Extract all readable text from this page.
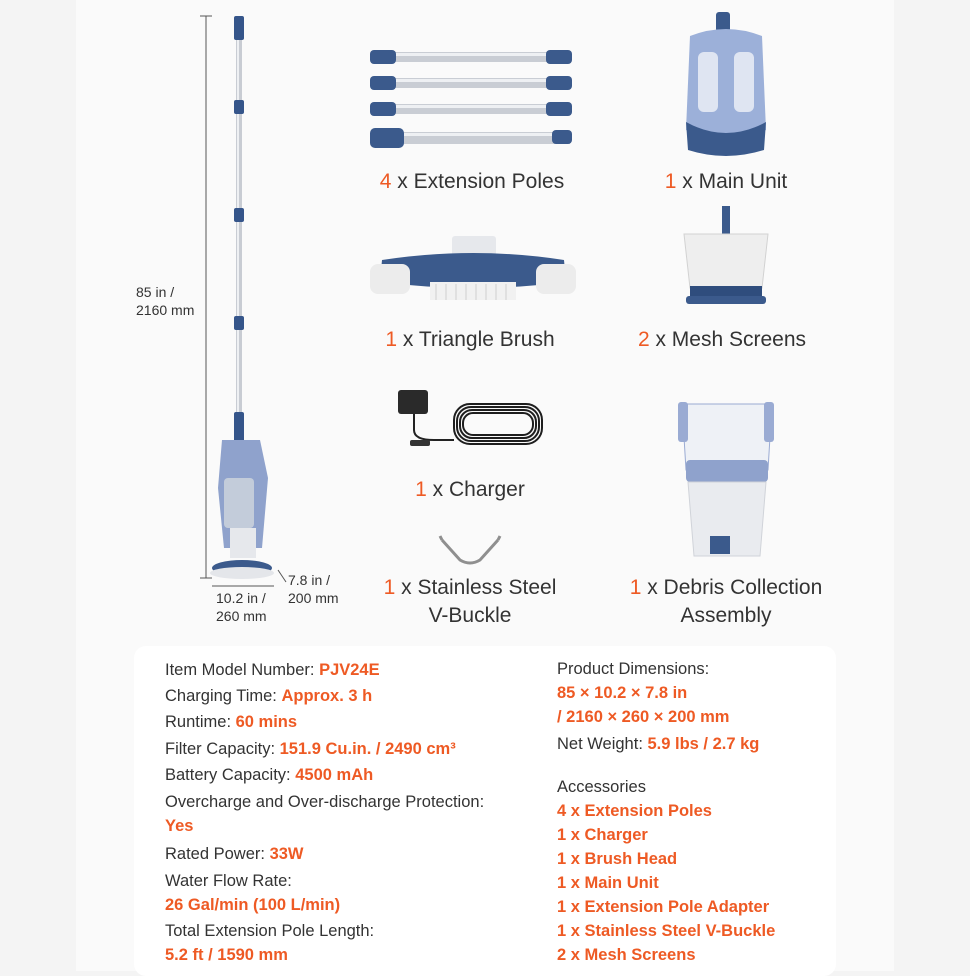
85 in /
2160 mm
10.2 in /
260 mm
7.8 in /
200 mm
4 x Extension Poles	1 x Main Unit
1 x Triangle Brush	2 x Mesh Screens
1 x Charger
1 x Stainless Steel
V-Buckle
1 x Debris Collection
Assembly
Item Model Number: PJV24E
Charging Time: Approx. 3 h
Runtime: 60 mins
Filter Capacity: 151.9 Cu.in. / 2490 cm³
Battery Capacity: 4500 mAh
Overcharge and Over-discharge Protection:
Yes
Rated Power: 33W
Water Flow Rate:
26 Gal/min (100 L/min)
Total Extension Pole Length:
5.2 ft / 1590 mm
Product Dimensions:
85 × 10.2 × 7.8 in
/ 2160 × 260 × 200 mm
Net Weight: 5.9 lbs / 2.7 kg
Accessories
4 x Extension Poles
1 x Charger
1 x Brush Head
1 x Main Unit
1 x Extension Pole Adapter
1 x Stainless Steel V-Buckle
2 x Mesh Screens
